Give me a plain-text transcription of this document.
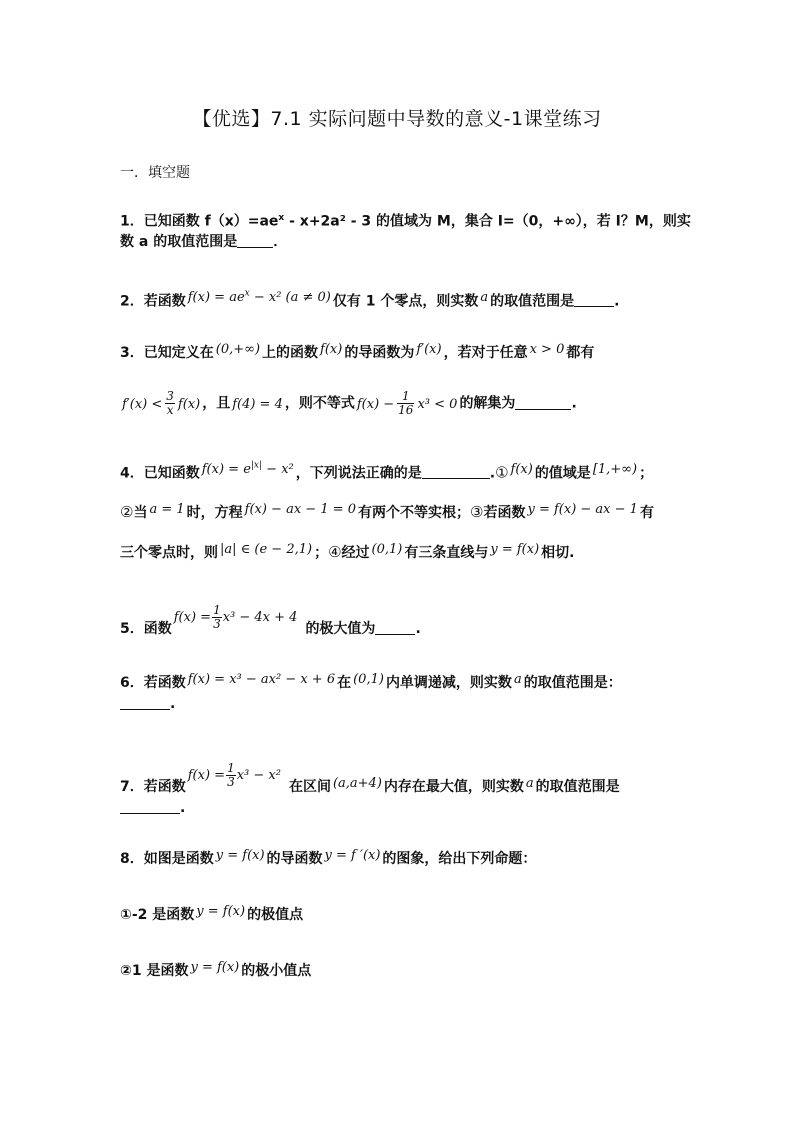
【优选】7.1 实际问题中导数的意义-1课堂练习
一．填空题
1．已知函数 $f(x)=ae^x - x+2a^2 - 3$ 的值域为 M，集合 I=（0，+∞），若 I？M，则实
数 a 的取值范围是	．
2．若函数 $f(x) = ae^x - x^2$ (a ≠ 0) 仅有 1 个零点，则实数 a 的取值范围是	.
3．已知定义在 (0,+∞) 上的函数 f(x) 的导函数为 f′(x) ，若对于任意 x > 0 都有
$f'(x) < \frac{3}{x} f(x)$ ，且 f(4) = 4 ，则不等式 $f(x) - \frac{1}{16} x^3 < 0$ 的解集为	.
4．已知函数 $f(x) = e^{|x|} - x^2$ ，下列说法正确的是	.① f(x) 的值域是 [1,+∞) ；
②当 a = 1 时，方程 f(x) − ax − 1 = 0 有两个不等实根；③若函数 y = f(x) − ax − 1 有
三个零点时，则 |a| ∈ (e − 2,1) ；④经过 (0,1) 有三条直线与 y = f(x) 相切.
5．函数$f(x) = \frac{1}{3} x^3 - 4x + 4$的极大值为	.
6．若函数 f(x) = x³ − ax² − x + 6 在 (0,1) 内单调递减，则实数 a 的取值范围是：
.
7．若函数$f(x) = \frac{1}{3} x^3 - x^2$在区间 (a,a+4) 内存在最大值，则实数 a 的取值范围是
.
8．如图是函数 y = f(x) 的导函数 y = f ′(x) 的图象，给出下列命题：
①-2 是函数 y = f(x) 的极值点
②1 是函数 y = f(x) 的极小值点
